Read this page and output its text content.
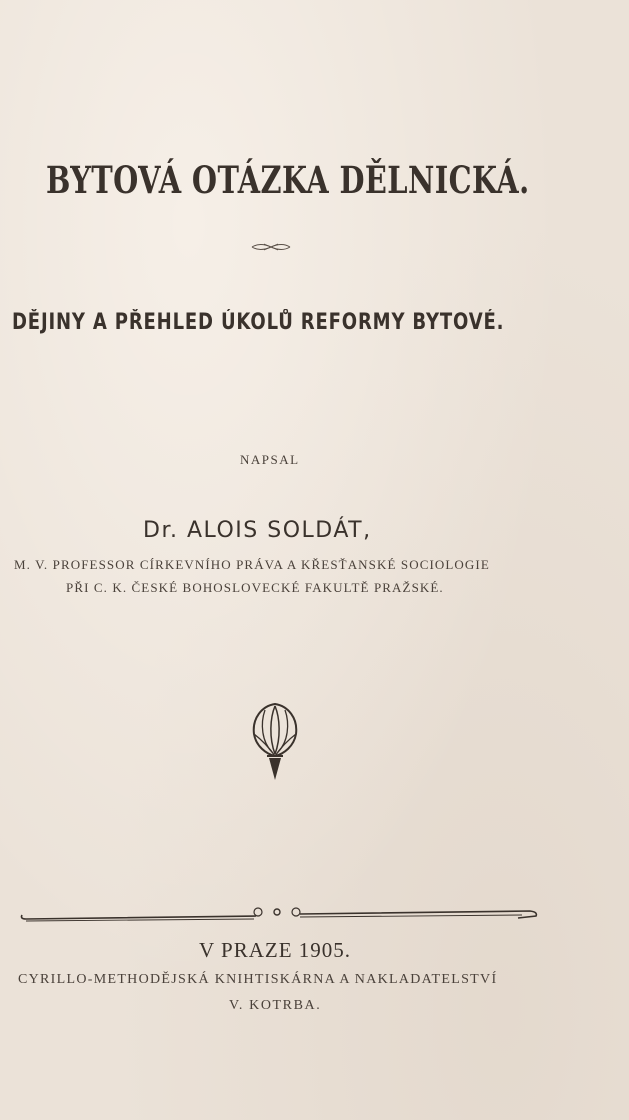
BYTOVÁ OTÁZKA DĚLNICKÁ.
DĚJINY A PŘEHLED ÚKOLŮ REFORMY BYTOVÉ.
NAPSAL
Dr. ALOIS SOLDÁT,
M. V. PROFESSOR CÍRKEVNÍHO PRÁVA A KŘESŤANSKÉ SOCIOLOGIE
PŘI C. K. ČESKÉ BOHOSLOVECKÉ FAKULTĚ PRAŽSKÉ.
V PRAZE 1905.
CYRILLO-METHODĚJSKÁ KNIHTISKÁRNA A NAKLADATELSTVÍ
V. KOTRBA.
